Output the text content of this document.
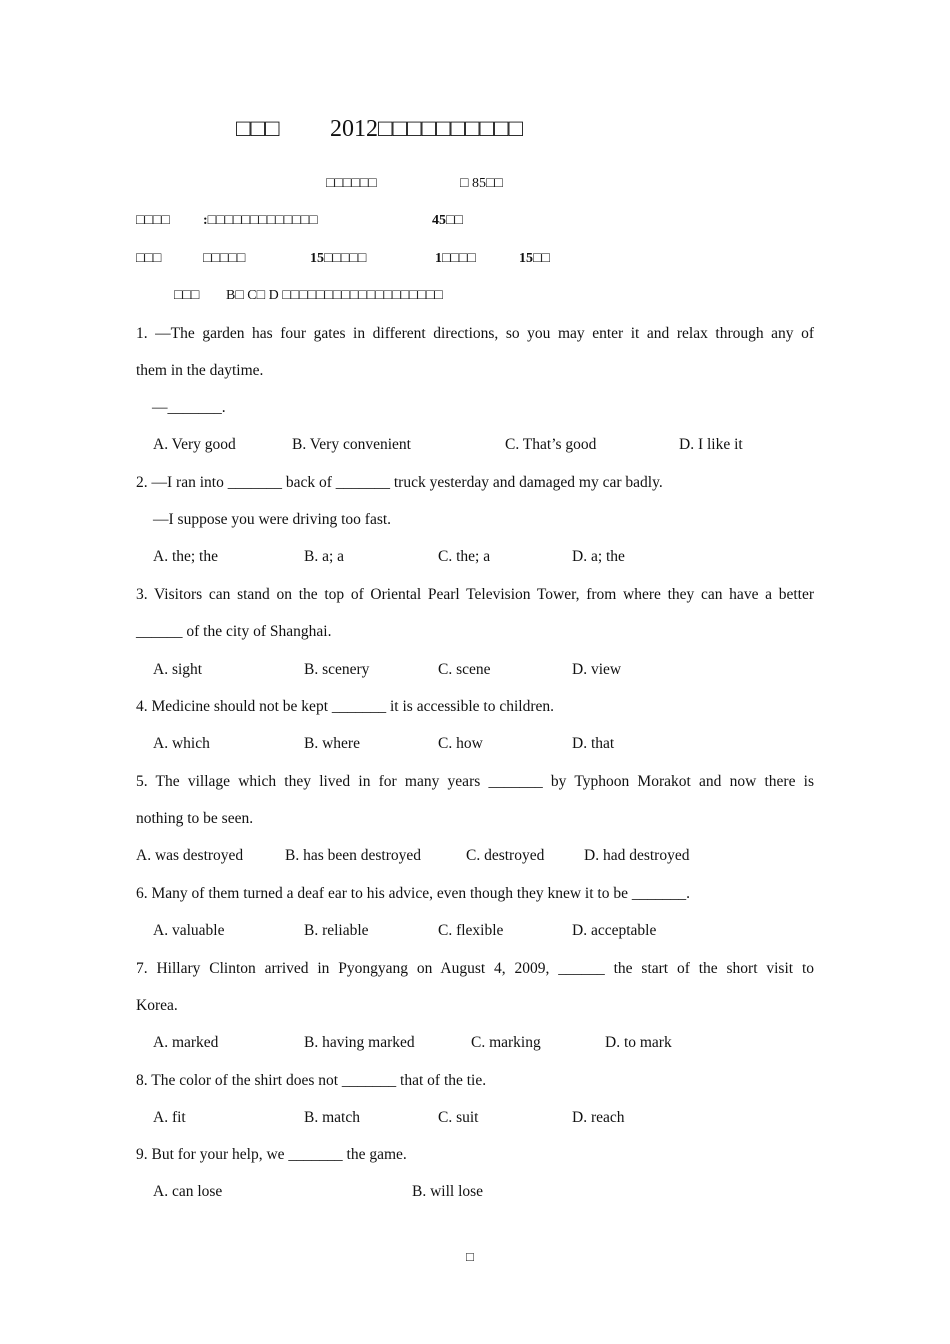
□□□ 2012□□□□□□□□□□
□□□□□□	□ 85□□
□□□□ :□□□□□□□□□□□□□	45□□
□□□	□□□□□	15□□□□□	1□□□□	15□□
□□□ B□ C□ D □□□□□□□□□□□□□□□□□□□
1. —The garden has four gates in different directions, so you may enter it and relax through any of
them in the daytime.
—_______.
A. Very good	B. Very convenient	C. That’s good	D. I like it
2. —I ran into _______ back of _______ truck yesterday and damaged my car badly.
—I suppose you were driving too fast.
A. the; the	B. a; a	C. the; a	D. a; the
3. Visitors can stand on the top of Oriental Pearl Television Tower, from where they can have a better
______ of the city of Shanghai.
A. sight	B. scenery	C. scene	D. view
4. Medicine should not be kept _______ it is accessible to children.
A. which	B. where	C. how	D. that
5. The village which they lived in for many years _______ by Typhoon Morakot and now there is
nothing to be seen.
A. was destroyed	B. has been destroyed	C. destroyed	D. had destroyed
6. Many of them turned a deaf ear to his advice, even though they knew it to be _______.
A. valuable	B. reliable	C. flexible	D. acceptable
7. Hillary Clinton arrived in Pyongyang on August 4, 2009, ______ the start of the short visit to
Korea.
A. marked	B. having marked	C. marking	D. to mark
8. The color of the shirt does not _______ that of the tie.
A. fit	B. match	C. suit	D. reach
9. But for your help, we _______ the game.
A. can lose	B. will lose
□
